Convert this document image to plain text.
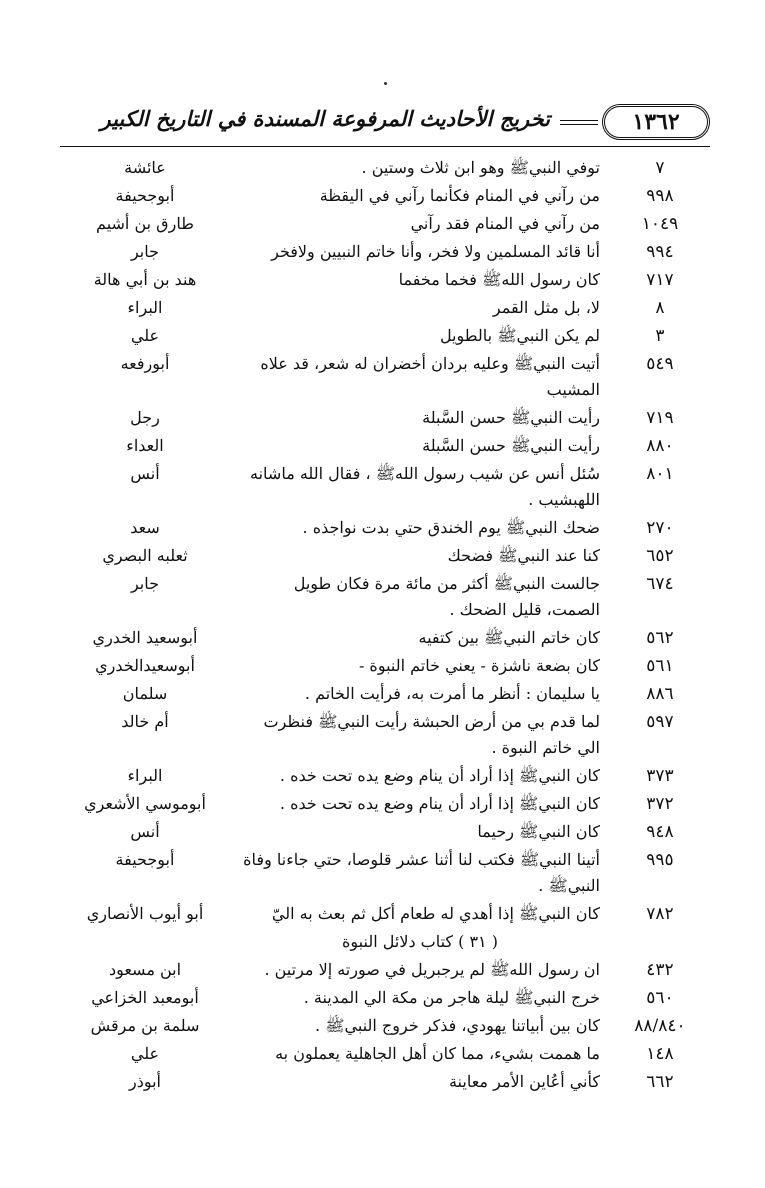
١٣٦٢
تخريج الأحاديث المرفوعة المسندة في التاريخ الكبير
٧
توفي النبيﷺ وهو ابن ثلاث وستين .
عائشة
٩٩٨
من رآني في المنام فكأنما رآني في اليقظة
أبوجحيفة
١٠٤٩
من رآني في المنام فقد رآني
طارق بن أشيم
٩٩٤
أنا قائد المسلمين ولا فخر، وأنا خاتم النبيين ولافخر
جابر
٧١٧
كان رسول اللهﷺ فخما مخفما
هند بن أبي هالة
٨
لا، بل مثل القمر
البراء
٣
لم يكن النبيﷺ بالطويل
علي
٥٤٩
أتيت النبيﷺ وعليه بردان أخضران له شعر، قد علاه المشيب
أبورفعه
٧١٩
رأيت النبيﷺ حسن السَّبلة
رجل
٨٨٠
رأيت النبيﷺ حسن السَّبلة
العداء
٨٠١
سُئل أنس عن شيب رسول اللهﷺ ، فقال الله ماشانه اللهبشيب .
أنس
٢٧٠
ضحك النبيﷺ يوم الخندق حتي بدت نواجذه .
سعد
٦٥٢
كنا عند النبيﷺ فضحك
ثعلبه البصري
٦٧٤
جالست النبيﷺ أكثر من مائة مرة فكان طويل الصمت، قليل الضحك .
جابر
٥٦٢
كان خاتم النبيﷺ بين كتفيه
أبوسعيد الخدري
٥٦١
كان بضعة ناشزة - يعني خاتم النبوة -
أبوسعيدالخدري
٨٨٦
يا سليمان : أنظر ما أمرت به، فرأيت الخاتم .
سلمان
٥٩٧
لما قدم بي من أرض الحبشة رأيت النبيﷺ فنظرت الي خاتم النبوة .
أم خالد
٣٧٣
كان النبيﷺ إذا أراد أن ينام وضع يده تحت خده .
البراء
٣٧٢
كان النبيﷺ إذا أراد أن ينام وضع يده تحت خده .
أبوموسي الأشعري
٩٤٨
كان النبيﷺ رحيما
أنس
٩٩٥
أتينا النبيﷺ فكتب لنا أثنا عشر قلوصا، حتي جاءنا وفاة النبيﷺ .
أبوجحيفة
٧٨٢
كان النبيﷺ إذا أهدي له طعام أكل ثم بعث به اليّ
أبو أيوب الأنصاري
( ٣١ ) كتاب دلائل النبوة
٤٣٢
ان رسول اللهﷺ لم يرجبريل في صورته إلا مرتين .
ابن مسعود
٥٦٠
خرج النبيﷺ ليلة هاجر من مكة الي المدينة .
أبومعبد الخزاعي
٨٨/٨٤٠
كان بين أبياتنا يهودي، فذكر خروج النبيﷺ .
سلمة بن مرقش
١٤٨
ما هممت بشيء، مما كان أهل الجاهلية يعملون به
علي
٦٦٢
كأني أعُاين الأمر معاينة
أبوذر
